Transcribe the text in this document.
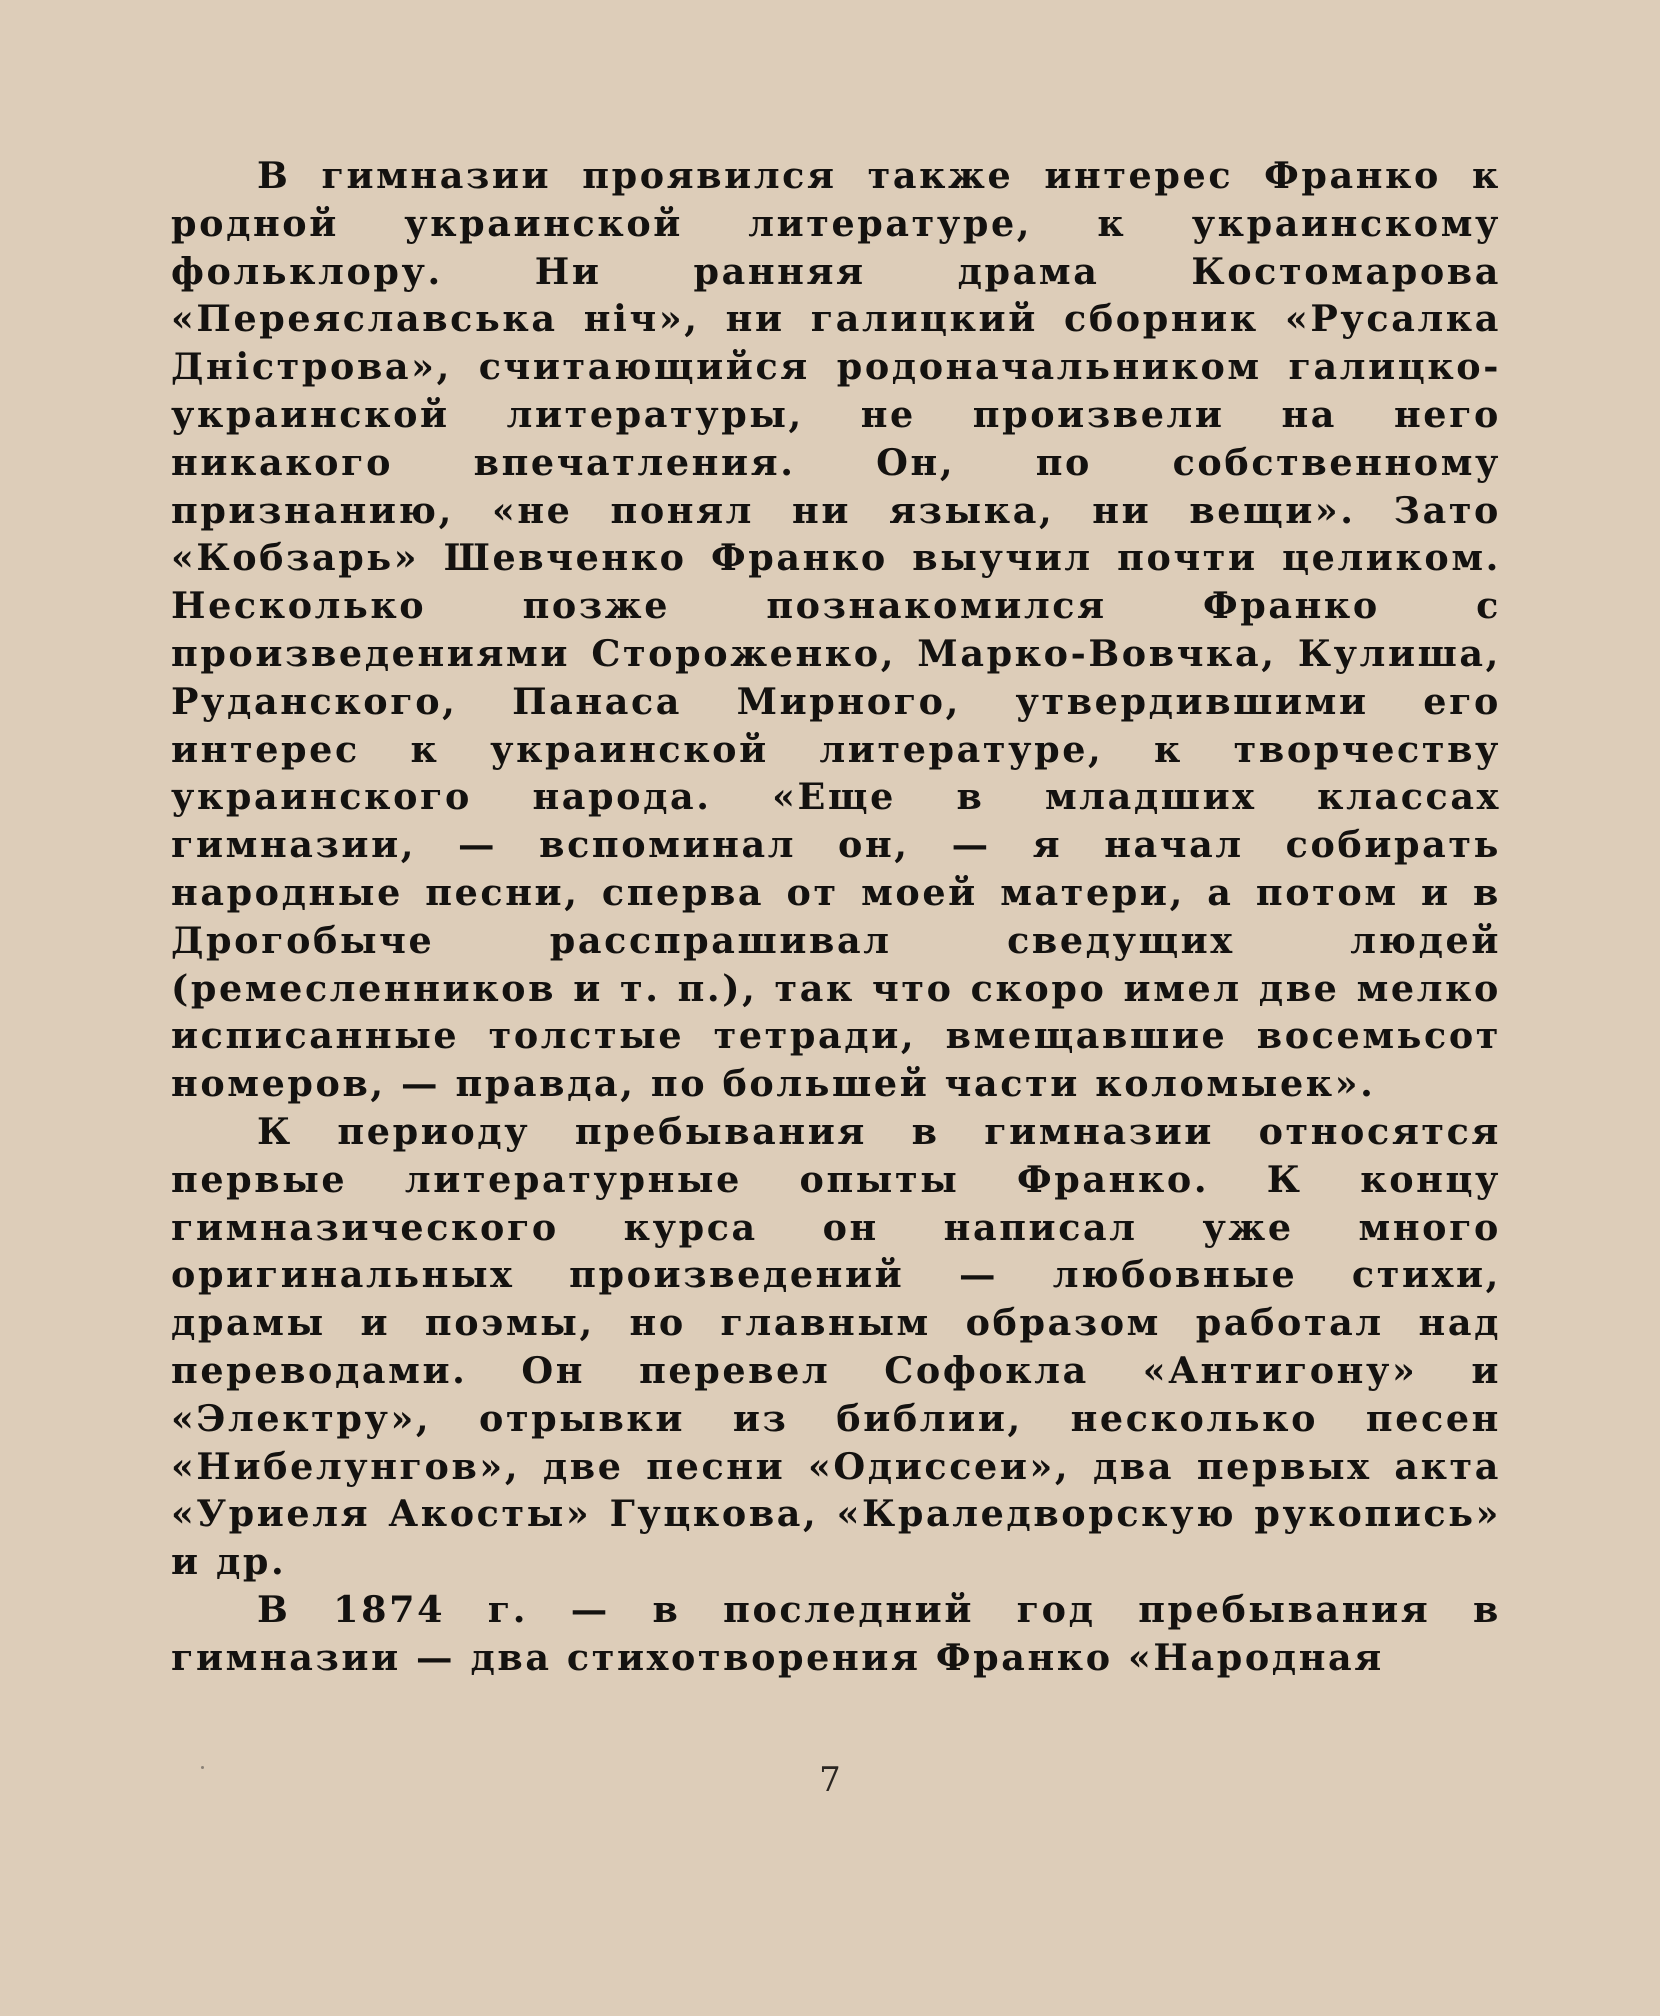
В гимназии проявился также интерес Франко к родной украинской литературе, к украинскому фольклору. Ни ранняя драма Костомарова «Переяславська ніч», ни галицкий сборник «Русалка Дністрова», считающийся родоначальником галицко-украинской литературы, не произвели на него никакого впечатления. Он, по собственному признанию, «не понял ни языка, ни вещи». Зато «Кобзарь» Шевченко Франко выучил почти целиком. Несколько позже познакомился Франко с произведениями Стороженко, Марко-Вовчка, Кулиша, Руданского, Панаса Мирного, утвердившими его интерес к украинской литературе, к творчеству украинского народа. «Еще в младших классах гимназии, — вспоминал он, — я начал собирать народные песни, сперва от моей матери, а потом и в Дрогобыче расспрашивал сведущих людей (ремесленников и т. п.), так что скоро имел две мелко исписанные толстые тетради, вмещавшие восемьсот номеров, — правда, по большей части коломыек».

К периоду пребывания в гимназии относятся первые литературные опыты Франко. К концу гимназического курса он написал уже много оригинальных произведений — любовные стихи, драмы и поэмы, но главным образом работал над переводами. Он перевел Софокла «Антигону» и «Электру», отрывки из библии, несколько песен «Нибелунгов», две песни «Одиссеи», два первых акта «Уриеля Акосты» Гуцкова, «Краледворскую рукопись» и др.

В 1874 г. — в последний год пребывания в гимназии — два стихотворения Франко «Народная

7
